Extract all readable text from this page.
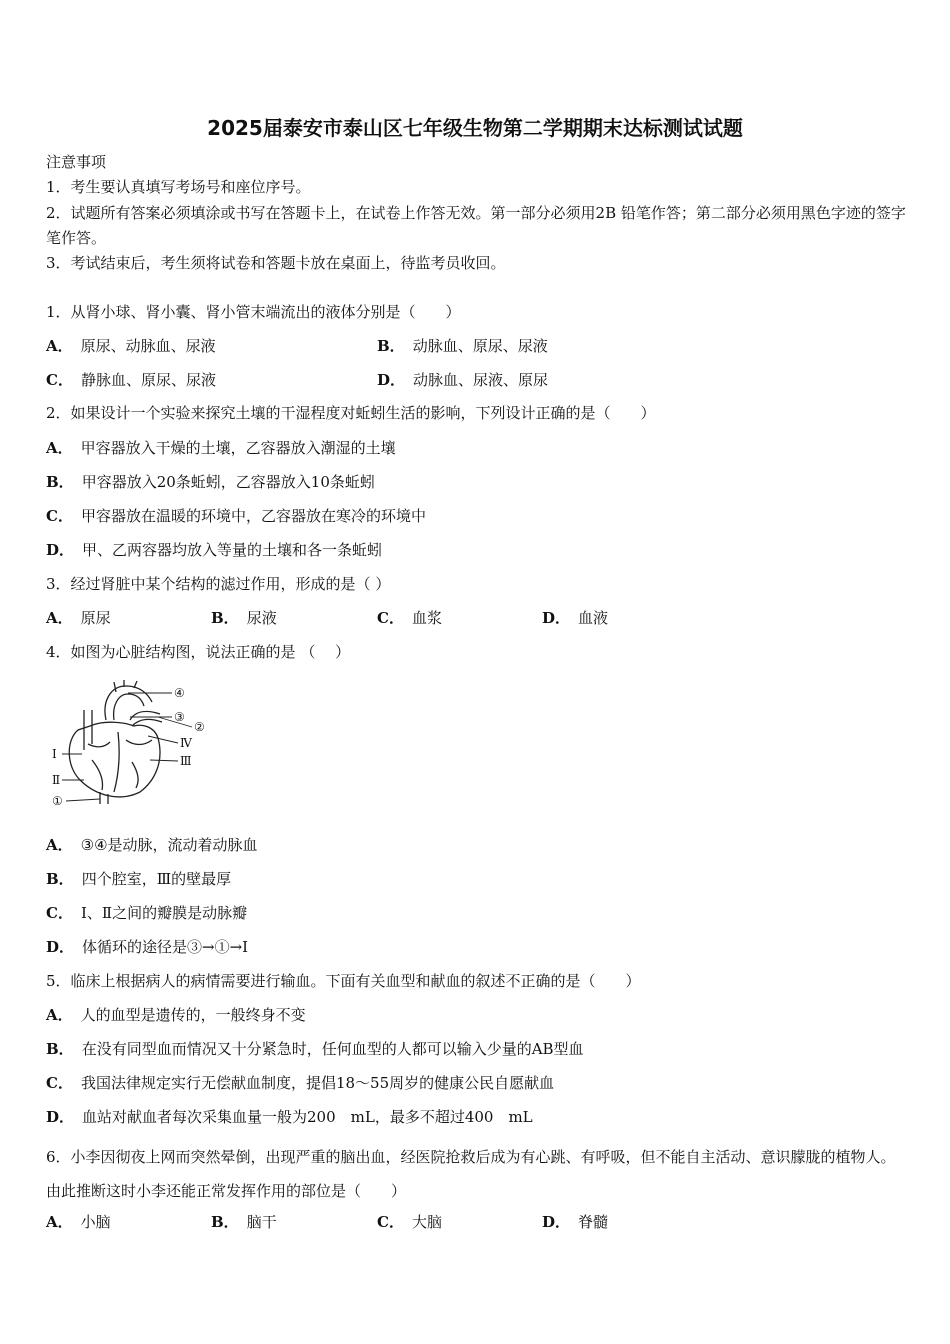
2025届泰安市泰山区七年级生物第二学期期末达标测试试题
注意事项
1．考生要认真填写考场号和座位序号。
2．试题所有答案必须填涂或书写在答题卡上，在试卷上作答无效。第一部分必须用2B 铅笔作答；第二部分必须用黑色字迹的签字笔作答。
3．考试结束后，考生须将试卷和答题卡放在桌面上，待监考员收回。
1．从肾小球、肾小囊、肾小管末端流出的液体分别是（　　）
A． 原尿、动脉血、尿液	B． 动脉血、原尿、尿液
C． 静脉血、原尿、尿液	D． 动脉血、尿液、原尿
2．如果设计一个实验来探究土壤的干湿程度对蚯蚓生活的影响，下列设计正确的是（　　）
A． 甲容器放入干燥的土壤，乙容器放入潮湿的土壤
B． 甲容器放入20条蚯蚓，乙容器放入10条蚯蚓
C． 甲容器放在温暖的环境中，乙容器放在寒冷的环境中
D． 甲、乙两容器均放入等量的土壤和各一条蚯蚓
3．经过肾脏中某个结构的滤过作用，形成的是（ ）
A． 原尿	B． 尿液	C． 血浆	D． 血液
4．如图为心脏结构图，说法正确的是 （　 ）
④
③
②
Ⅳ
Ⅲ
Ⅰ
Ⅱ
①
A． ③④是动脉，流动着动脉血
B． 四个腔室，Ⅲ的壁最厚
C． Ⅰ、Ⅱ之间的瓣膜是动脉瓣
D． 体循环的途径是③→①→Ⅰ
5．临床上根据病人的病情需要进行输血。下面有关血型和献血的叙述不正确的是（　　）
A． 人的血型是遗传的，一般终身不变
B． 在没有同型血而情况又十分紧急时，任何血型的人都可以输入少量的AB型血
C． 我国法律规定实行无偿献血制度，提倡18～55周岁的健康公民自愿献血
D． 血站对献血者每次采集血量一般为200　mL，最多不超过400　mL
6．小李因彻夜上网而突然晕倒，出现严重的脑出血，经医院抢救后成为有心跳、有呼吸，但不能自主活动、意识朦胧的植物人。由此推断这时小李还能正常发挥作用的部位是（　　）
A． 小脑	B． 脑干	C． 大脑	D． 脊髓
